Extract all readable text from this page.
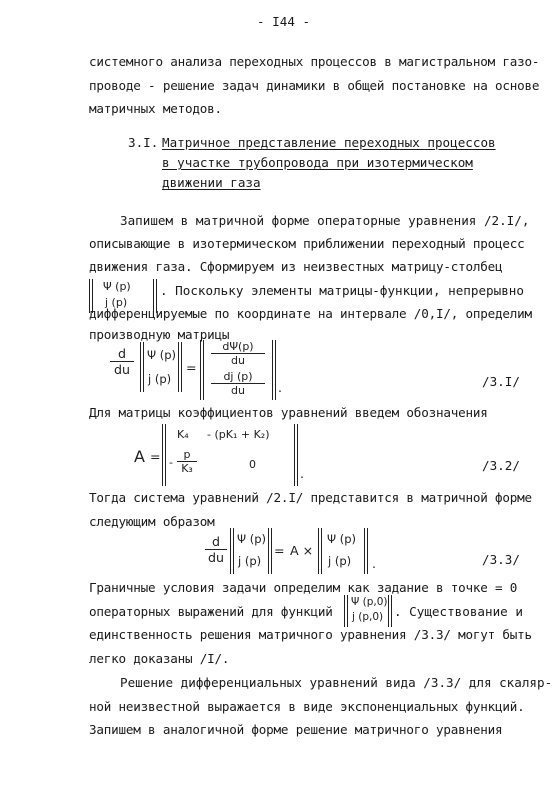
- I44 -
системного анализа переходных процессов в магистральном газо-
проводе - решение задач динамики в общей постановке на основе
матричных методов.
3.I. Матричное представление переходных процессов
в участке трубопровода при изотермическом
движении газа
Запишем в матричной форме операторные уравнения /2.I/,
описывающие в изотермическом приближении переходный процесс
движения газа. Сформируем из неизвестных матрицу-столбец
Ψ (p)
j (p)
. Поскольку элементы матрицы-функции, непрерывно
дифференцируемые по координате на интервале /0,I/, определим
производную матрицы
$\frac{d}{du}$ Ψ (p)
j (p)
=
$\frac{d\Psi(p)}{du}$
$\frac{dj (p)}{du}$ .	/3.I/
Для матрицы коэффициентов уравнений введем обозначения
A =
K₄ - (pK₁ + K₂)
- $\frac{p}{\text{K₃}}$	0
.
/3.2/
Тогда система уравнений /2.I/ представится в матричной форме
следующим образом
$\frac{d}{du}$ Ψ (p)
j (p)
= A ×
Ψ (p)
j (p) .	/3.3/
Граничные условия задачи определим как задание в точке = 0
операторных выражений для функций
Ψ (p,0)
j (p,0) . Существование и
единственность решения матричного уравнения /3.3/ могут быть
легко доказаны /I/.
Решение дифференциальных уравнений вида /3.3/ для скаляр-
ной неизвестной выражается в виде экспоненциальных функций.
Запишем в аналогичной форме решение матричного уравнения
